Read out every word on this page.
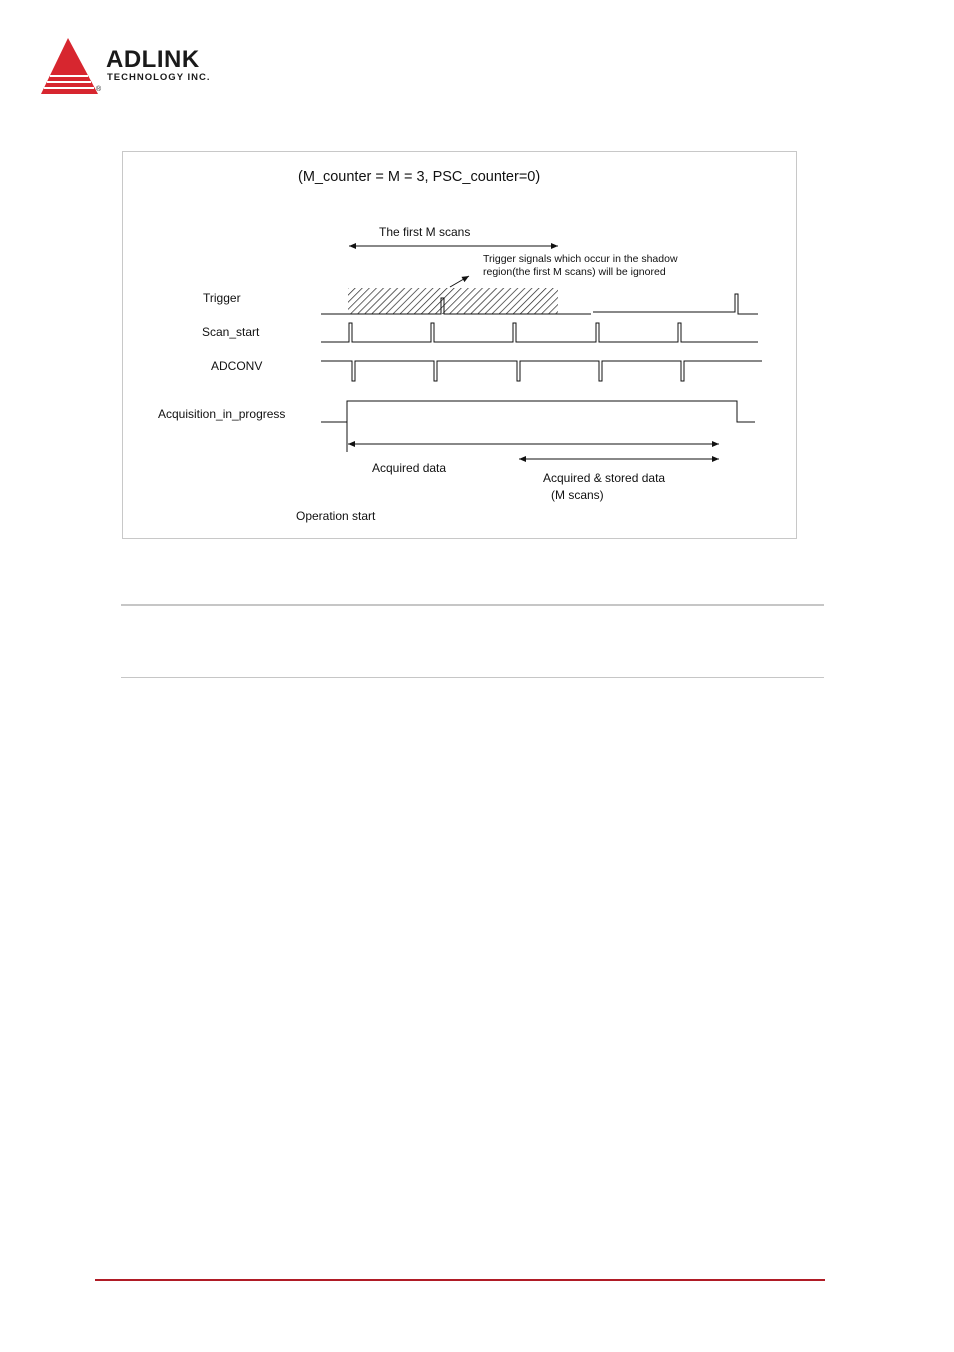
ADLINK
TECHNOLOGY INC.
®
(M_counter = M = 3, PSC_counter=0)
The first M scans
Trigger signals which occur in the shadow
region(the first M scans) will be ignored
Trigger
Scan_start
ADCONV
Acquisition_in_progress
Acquired data
Acquired & stored data
(M scans)
Operation start
